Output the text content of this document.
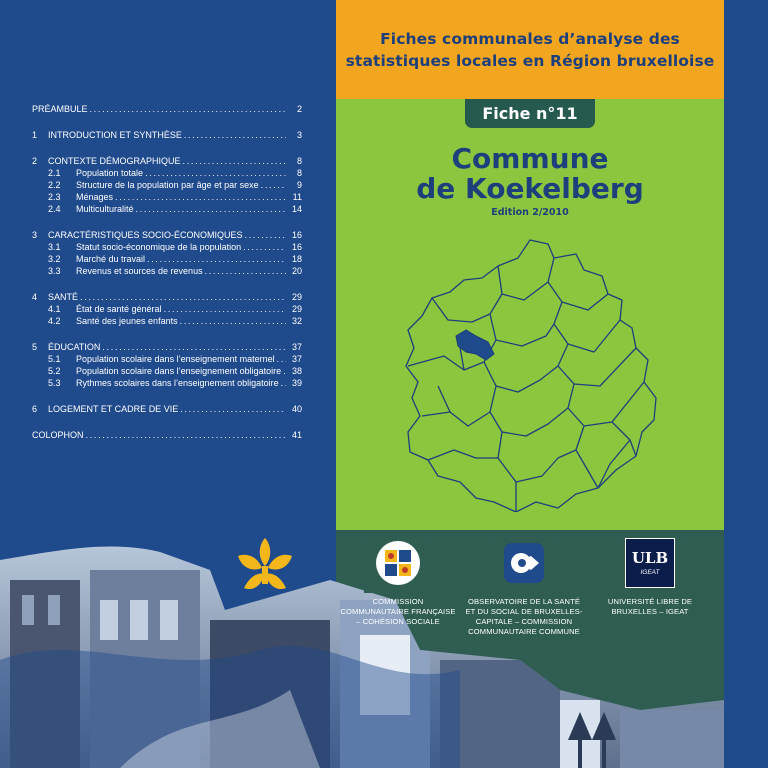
Fiches communales d’analyse des
statistiques locales en Région bruxelloise
PRÉAMBULE . . .	2
1	INTRODUCTION ET SYNTHÈSE . . .	3
2	CONTEXTE DÉMOGRAPHIQUE . . .	8
2.1	Population totale . . .	8
2.2	Structure de la population par âge et par sexe . . .	9
2.3	Ménages . . .	11
2.4	Multiculturalité . . .	14
3	CARACTÉRISTIQUES SOCIO-ÉCONOMIQUES . . .	16
3.1	Statut socio-économique de la population . . .	16
3.2	Marché du travail . . .	18
3.3	Revenus et sources de revenus . . .	20
4	SANTÉ . . .	29
4.1	État de santé général . . .	29
4.2	Santé des jeunes enfants . . .	32
5	ÉDUCATION . . .	37
5.1	Population scolaire dans l’enseignement maternel . . .	37
5.2	Population scolaire dans l’enseignement obligatoire . . .	38
5.3	Rythmes scolaires dans l’enseignement obligatoire . . .	39
6	LOGEMENT ET CADRE DE VIE . . .	40
COLOPHON . . .	41
Fiche n°11
Commune
de Koekelberg
Edition 2/2010
ULB
IGEAT
COMMISSION
COMMUNAUTAIRE FRANÇAISE
– COHÉSION SOCIALE
OBSERVATOIRE DE LA SANTÉ
ET DU SOCIAL DE BRUXELLES-
CAPITALE – COMMISSION
COMMUNAUTAIRE COMMUNE
UNIVERSITÉ LIBRE DE
BRUXELLES – IGEAT
